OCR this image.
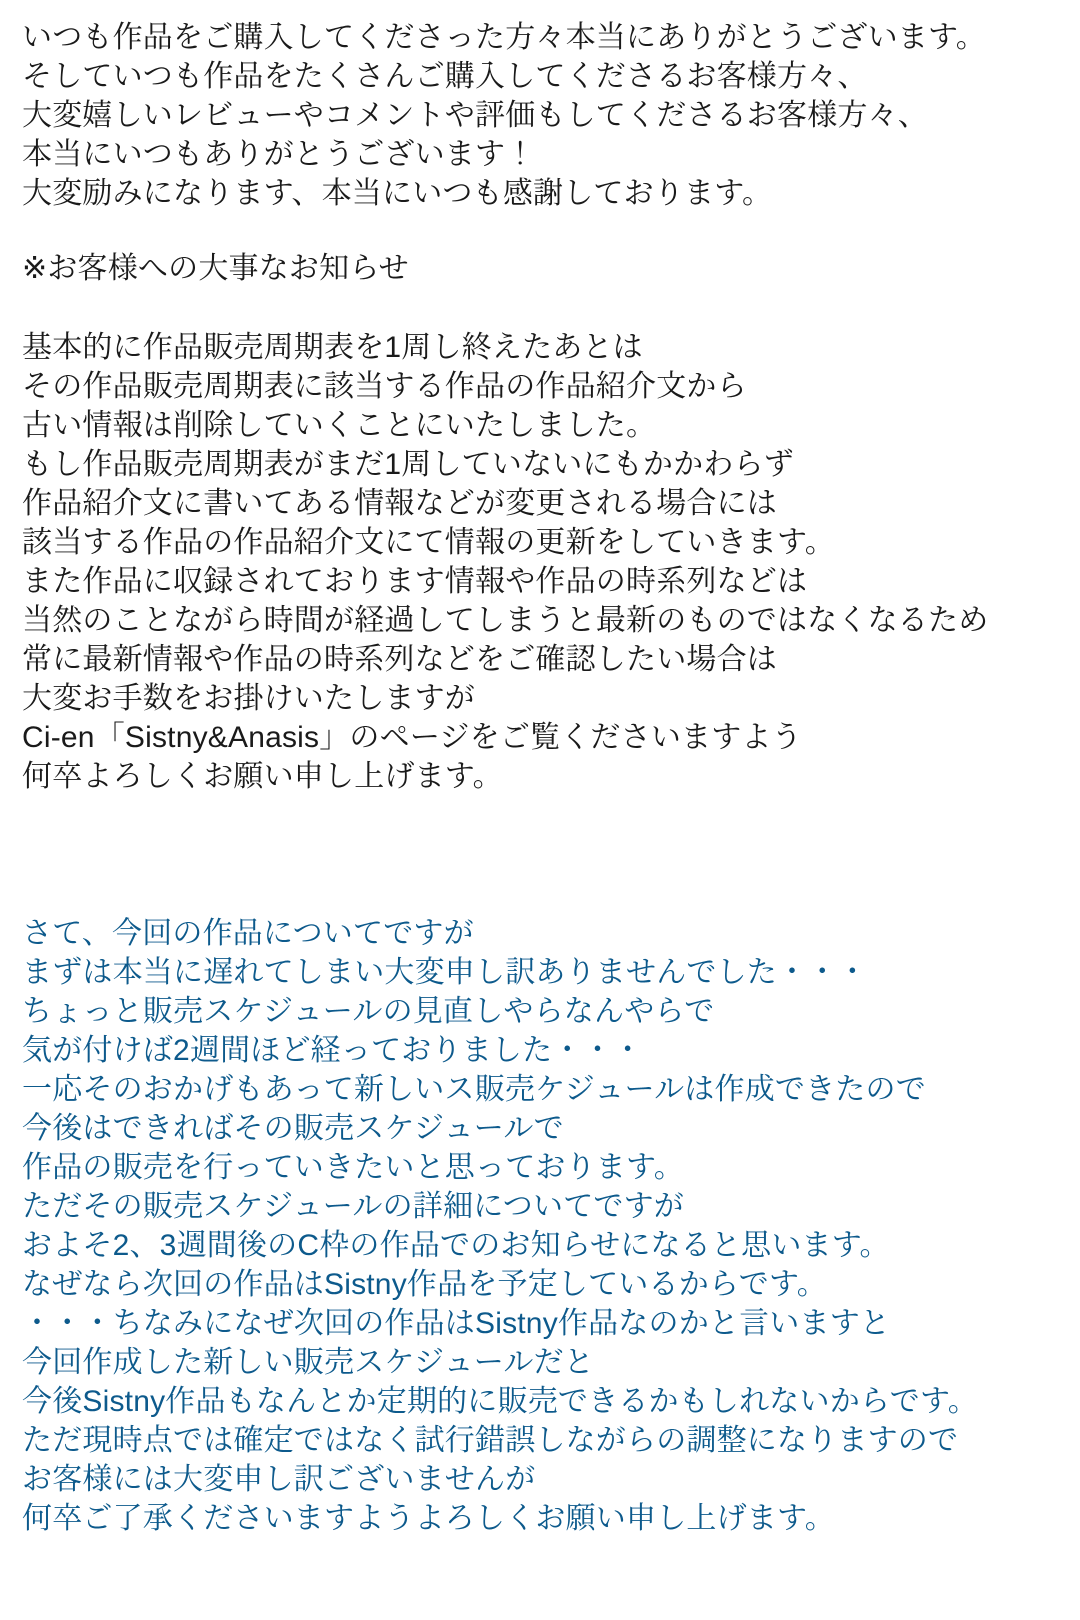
いつも作品をご購入してくださった方々本当にありがとうございます。
そしていつも作品をたくさんご購入してくださるお客様方々、
大変嬉しいレビューやコメントや評価もしてくださるお客様方々、
本当にいつもありがとうございます！
大変励みになります、本当にいつも感謝しております。
※お客様への大事なお知らせ
基本的に作品販売周期表を1周し終えたあとは
その作品販売周期表に該当する作品の作品紹介文から
古い情報は削除していくことにいたしました。
もし作品販売周期表がまだ1周していないにもかかわらず
作品紹介文に書いてある情報などが変更される場合には
該当する作品の作品紹介文にて情報の更新をしていきます。
また作品に収録されております情報や作品の時系列などは
当然のことながら時間が経過してしまうと最新のものではなくなるため
常に最新情報や作品の時系列などをご確認したい場合は
大変お手数をお掛けいたしますが
Ci-en「Sistny&Anasis」のページをご覧くださいますよう
何卒よろしくお願い申し上げます。
さて、今回の作品についてですが
まずは本当に遅れてしまい大変申し訳ありませんでした・・・
ちょっと販売スケジュールの見直しやらなんやらで
気が付けば2週間ほど経っておりました・・・
一応そのおかげもあって新しいス販売ケジュールは作成できたので
今後はできればその販売スケジュールで
作品の販売を行っていきたいと思っております。
ただその販売スケジュールの詳細についてですが
およそ2、3週間後のC枠の作品でのお知らせになると思います。
なぜなら次回の作品はSistny作品を予定しているからです。
・・・ちなみになぜ次回の作品はSistny作品なのかと言いますと
今回作成した新しい販売スケジュールだと
今後Sistny作品もなんとか定期的に販売できるかもしれないからです。
ただ現時点では確定ではなく試行錯誤しながらの調整になりますので
お客様には大変申し訳ございませんが
何卒ご了承くださいますようよろしくお願い申し上げます。
